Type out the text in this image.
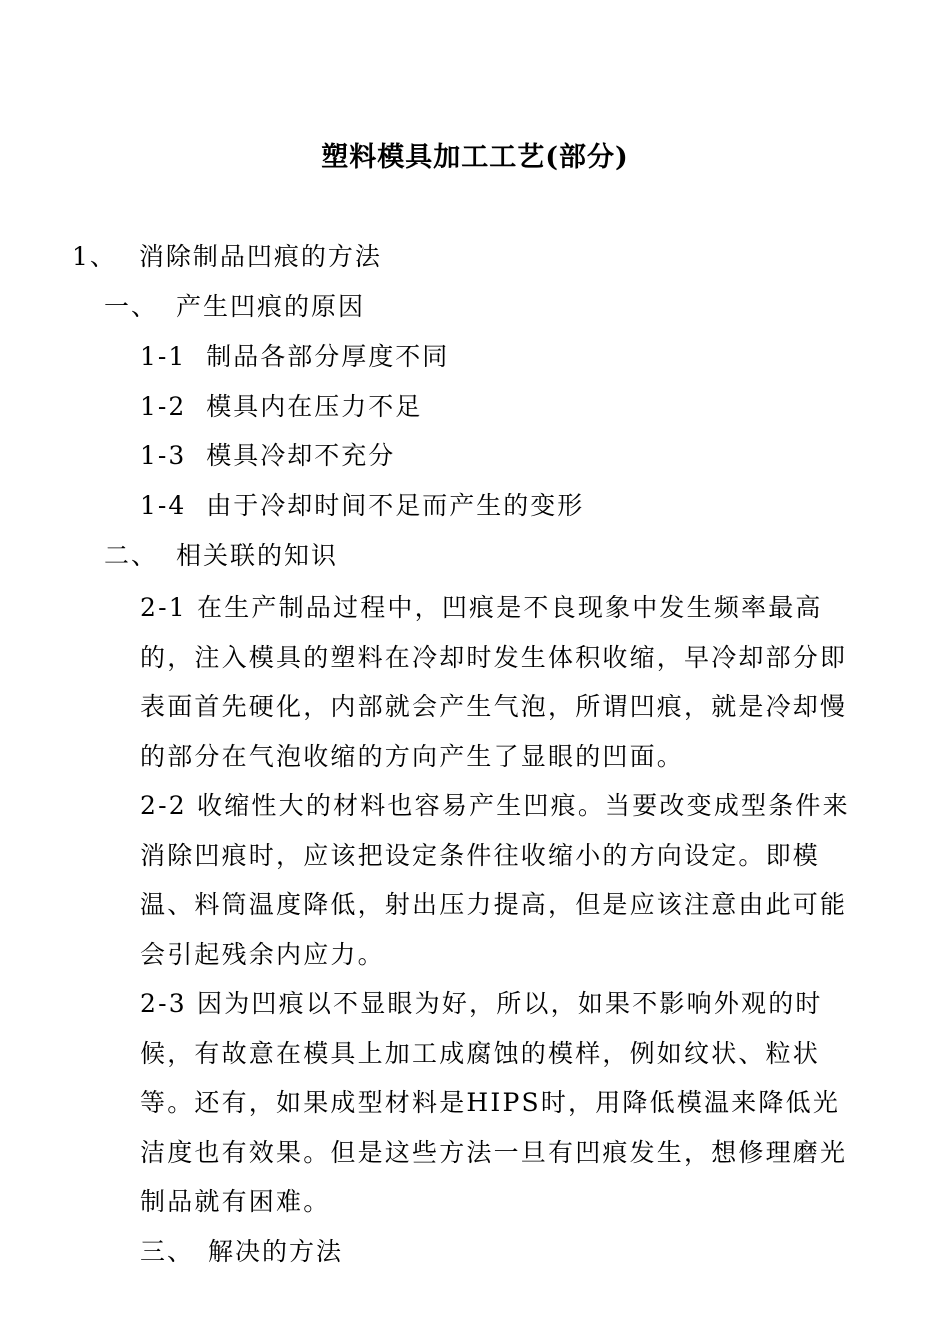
塑料模具加工工艺(部分)
1、 消除制品凹痕的方法
一、 产生凹痕的原因
1-1 制品各部分厚度不同
1-2 模具内在压力不足
1-3 模具冷却不充分
1-4 由于冷却时间不足而产生的变形
二、 相关联的知识
2-1 在生产制品过程中，凹痕是不良现象中发生频率最高的，注入模具的塑料在冷却时发生体积收缩，早冷却部分即表面首先硬化，内部就会产生气泡，所谓凹痕，就是冷却慢的部分在气泡收缩的方向产生了显眼的凹面。
2-2 收缩性大的材料也容易产生凹痕。当要改变成型条件来消除凹痕时，应该把设定条件往收缩小的方向设定。即模温、料筒温度降低，射出压力提高，但是应该注意由此可能会引起残余内应力。
2-3 因为凹痕以不显眼为好，所以，如果不影响外观的时候，有故意在模具上加工成腐蚀的模样，例如纹状、粒状等。还有，如果成型材料是HIPS时，用降低模温来降低光洁度也有效果。但是这些方法一旦有凹痕发生，想修理磨光制品就有困难。
三、 解决的方法
